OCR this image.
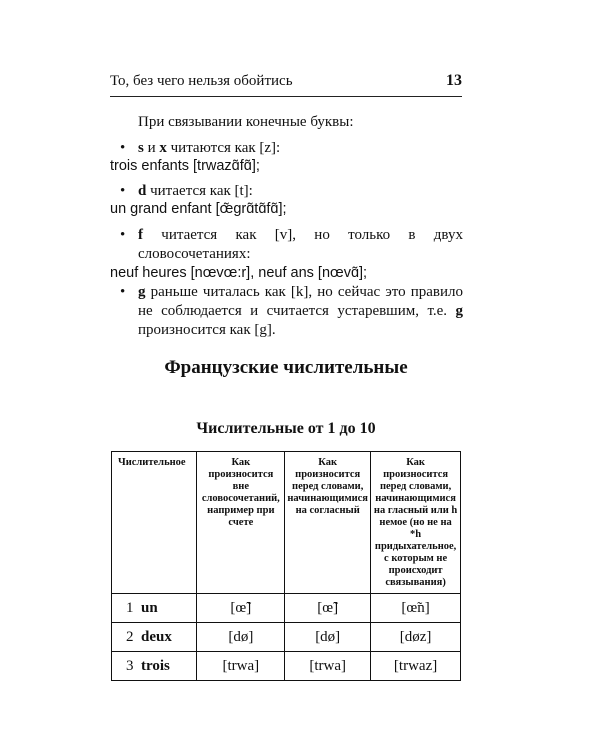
То, без чего нельзя обойтись	13
При связывании конечные буквы:
• s и x читаются как [z]:
trois enfants [trwazɑ̃fɑ̃];
• d читается как [t]:
un grand enfant [œ̃grɑ̃tɑ̃fɑ̃];
• f читается как [v], но только в двух словосочетаниях:
neuf heures [nœvœ:r], neuf ans [nœvɑ̃];
• g раньше читалась как [k], но сейчас это правило не соблюдается и считается устаревшим, т.е. g произносится как [g].
Французские числительные
Числительные от 1 до 10
Числительное	Как произносится вне словосочетаний, например при счете	Как произносится перед словами, начинающимися на согласный	Как произносится перед словами, начинающимися на гласный или h немое (но не на *h придыхательное, с которым не происходит связывания)
1 un	[œ̃]	[œ̃]	[œ̃n]
2 deux	[dø]	[dø]	[døz]
3 trois	[trwa]	[trwa]	[trwaz]
